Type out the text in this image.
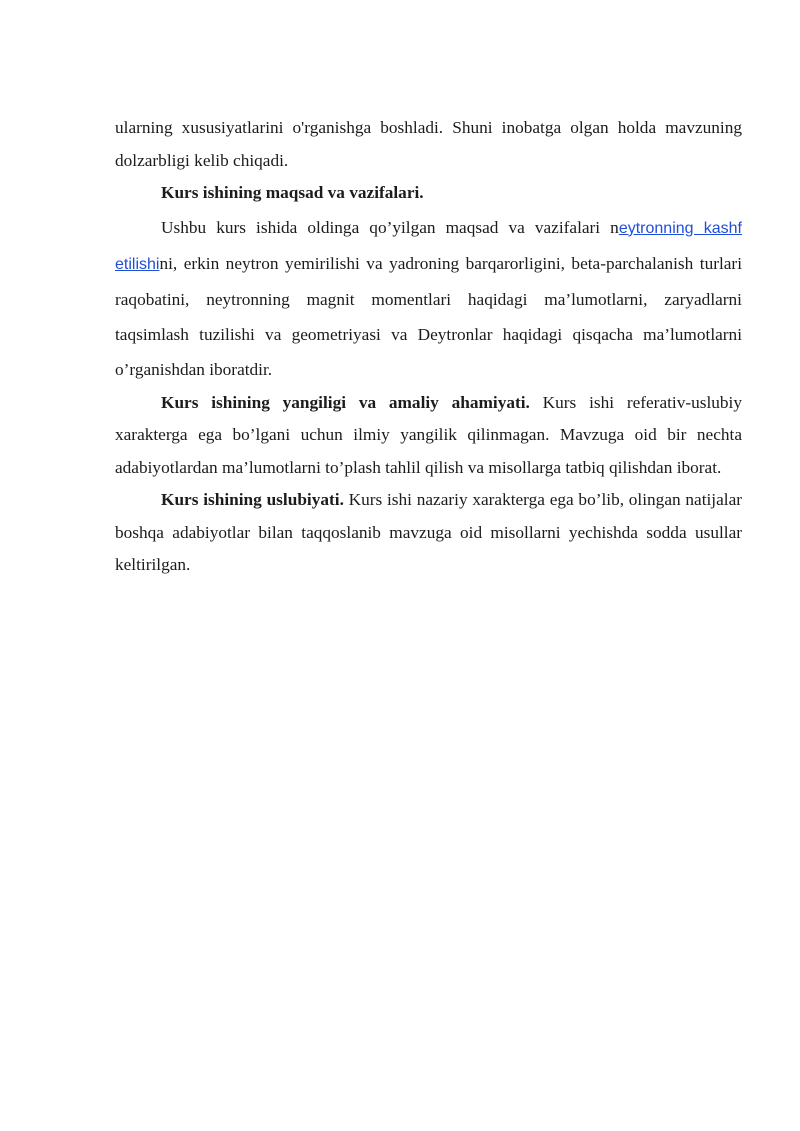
ularning xususiyatlarini o'rganishga boshladi. Shuni inobatga olgan holda mavzuning dolzarbligi kelib chiqadi.

Kurs ishining maqsad va vazifalari.

Ushbu kurs ishida oldinga qo’yilgan maqsad va vazifalari neytronning kashf etilishini, erkin neytron yemirilishi va yadroning barqarorligini, beta-parchalanish turlari raqobatini, neytronning magnit momentlari haqidagi ma’lumotlarni, zaryadlarni taqsimlash tuzilishi va geometriyasi va Deytronlar haqidagi qisqacha ma’lumotlarni o’rganishdan iboratdir.

Kurs ishining yangiligi va amaliy ahamiyati. Kurs ishi referativ-uslubiy xarakterga ega bo’lgani uchun ilmiy yangilik qilinmagan. Mavzuga oid bir nechta adabiyotlardan ma’lumotlarni to’plash tahlil qilish va misollarga tatbiq qilishdan iborat.

Kurs ishining uslubiyati. Kurs ishi nazariy xarakterga ega bo’lib, olingan natijalar boshqa adabiyotlar bilan taqqoslanib mavzuga oid misollarni yechishda sodda usullar keltirilgan.
